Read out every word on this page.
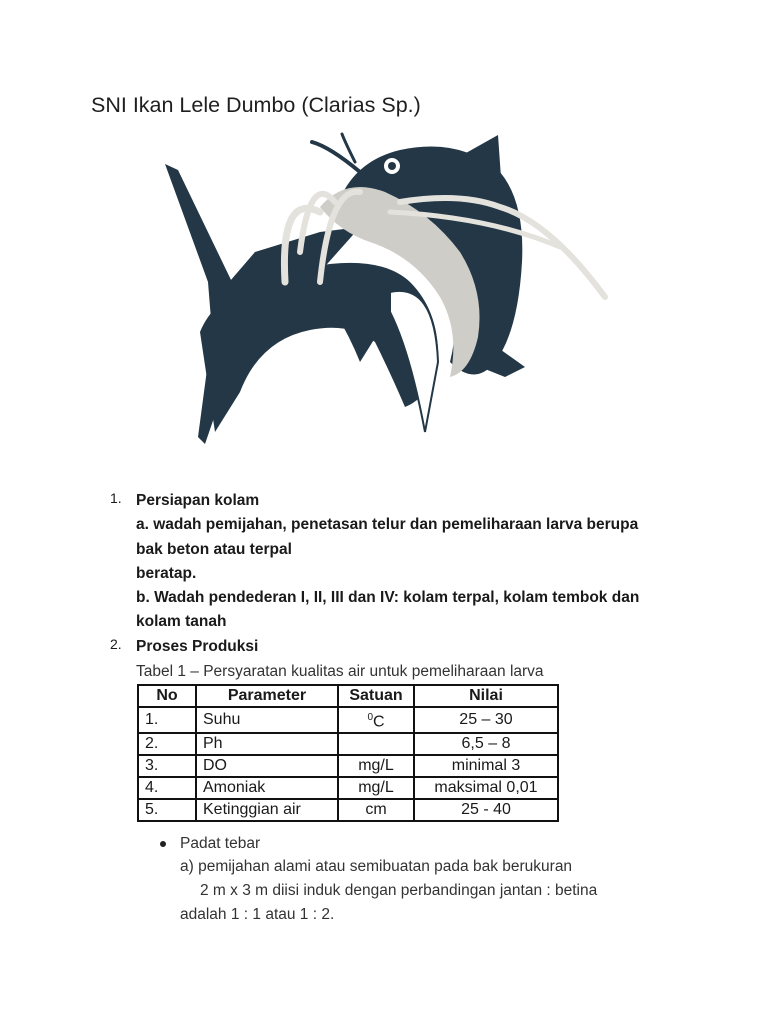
SNI Ikan Lele Dumbo (Clarias Sp.)
1. Persiapan kolam
a. wadah pemijahan, penetasan telur dan pemeliharaan larva berupa
bak beton atau terpal
beratap.
b. Wadah pendederan I, II, III dan IV: kolam terpal, kolam tembok dan
kolam tanah
2. Proses Produksi
Tabel 1 – Persyaratan kualitas air untuk pemeliharaan larva
No	Parameter	Satuan	Nilai
1.	Suhu	$^0$C	25 – 30
2.	Ph		6,5 – 8
3.	DO	mg/L	minimal 3
4.	Amoniak	mg/L	maksimal 0,01
5.	Ketinggian air	cm	25 - 40
Padat tebar
a) pemijahan alami atau semibuatan pada bak berukuran
2 m x 3 m diisi induk dengan perbandingan jantan : betina
adalah 1 : 1 atau 1 : 2.
